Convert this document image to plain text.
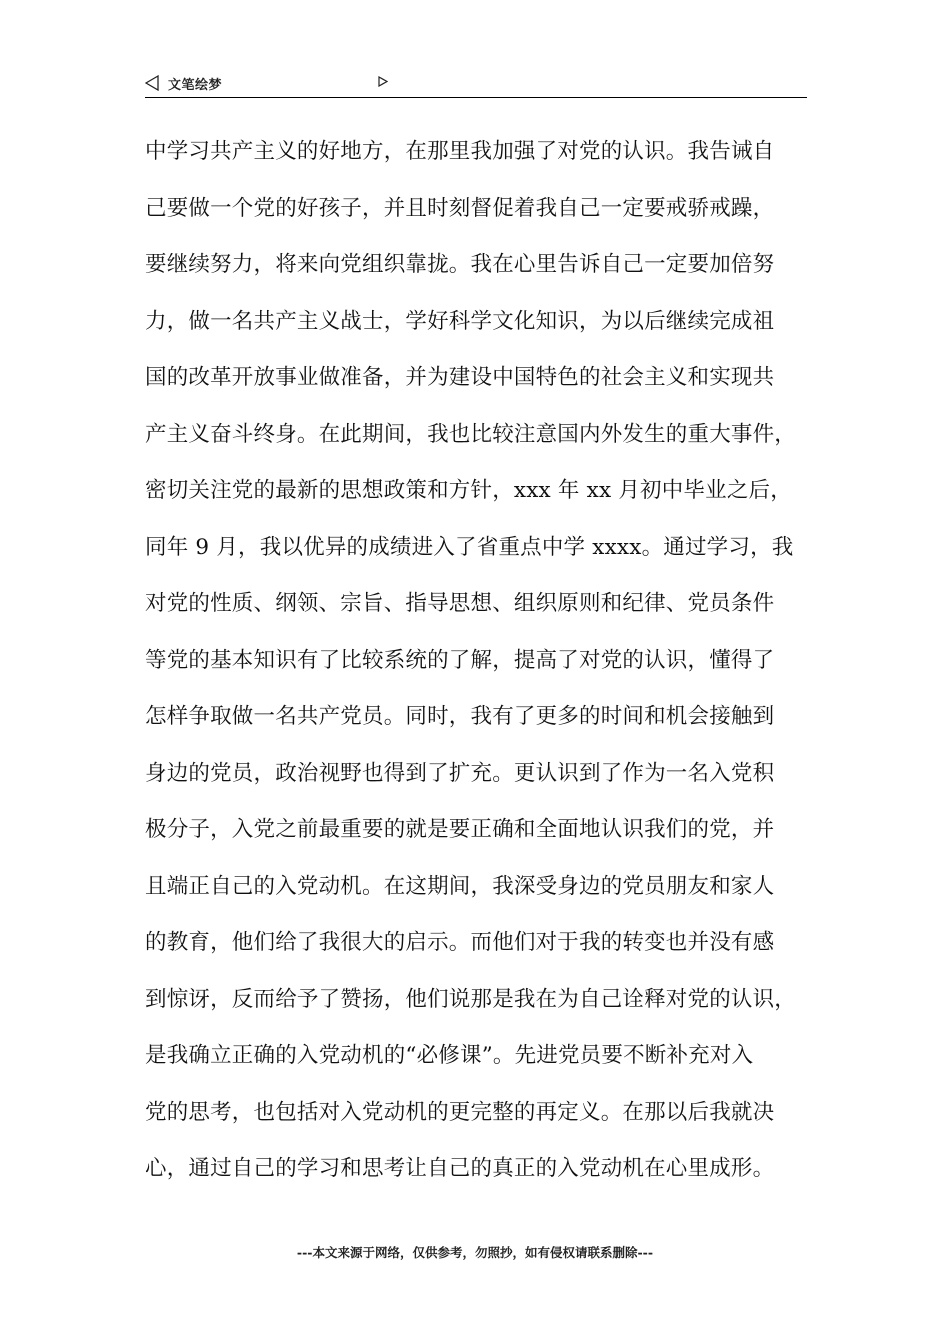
文笔绘梦
中学习共产主义的好地方，在那里我加强了对党的认识。我告诫自
己要做一个党的好孩子，并且时刻督促着我自己一定要戒骄戒躁，
要继续努力，将来向党组织靠拢。我在心里告诉自己一定要加倍努
力，做一名共产主义战士，学好科学文化知识，为以后继续完成祖
国的改革开放事业做准备，并为建设中国特色的社会主义和实现共
产主义奋斗终身。在此期间，我也比较注意国内外发生的重大事件，
密切关注党的最新的思想政策和方针，xxx 年 xx 月初中毕业之后，
同年 9 月，我以优异的成绩进入了省重点中学 xxxx。通过学习，我
对党的性质、纲领、宗旨、指导思想、组织原则和纪律、党员条件
等党的基本知识有了比较系统的了解，提高了对党的认识，懂得了
怎样争取做一名共产党员。同时，我有了更多的时间和机会接触到
身边的党员，政治视野也得到了扩充。更认识到了作为一名入党积
极分子，入党之前最重要的就是要正确和全面地认识我们的党，并
且端正自己的入党动机。在这期间，我深受身边的党员朋友和家人
的教育，他们给了我很大的启示。而他们对于我的转变也并没有感
到惊讶，反而给予了赞扬，他们说那是我在为自己诠释对党的认识，
是我确立正确的入党动机的“必修课”。先进党员要不断补充对入
党的思考，也包括对入党动机的更完整的再定义。在那以后我就决
心，通过自己的学习和思考让自己的真正的入党动机在心里成形。
---本文来源于网络，仅供参考，勿照抄，如有侵权请联系删除---
